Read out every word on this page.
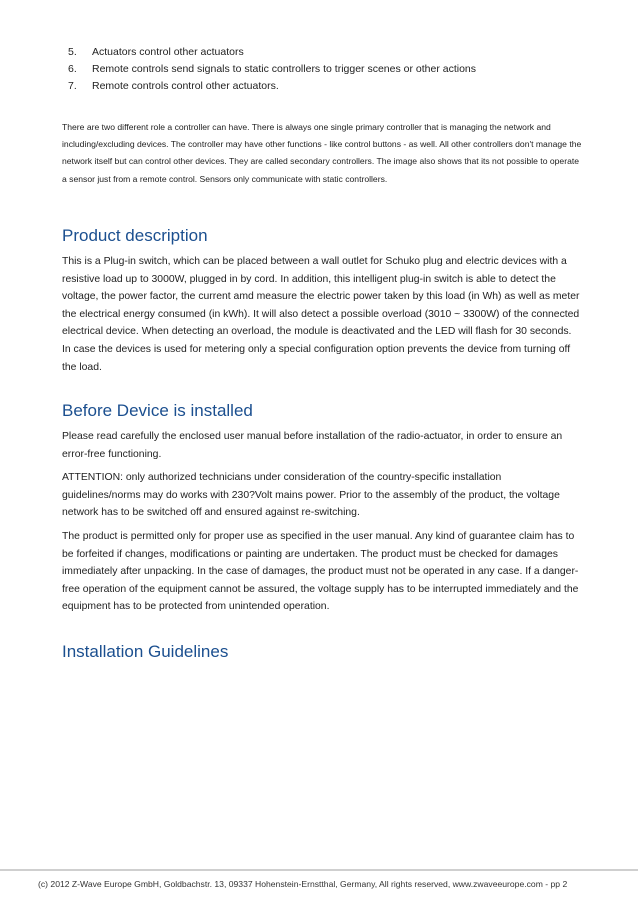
5. Actuators control other actuators
6. Remote controls send signals to static controllers to trigger scenes or other actions
7. Remote controls control other actuators.

There are two different role a controller can have. There is always one single primary controller that is managing the network and including/excluding devices. The controller may have other functions - like control buttons - as well. All other controllers don't manage the network itself but can control other devices. They are called secondary controllers. The image also shows that its not possible to operate a sensor just from a remote control. Sensors only communicate with static controllers.

Product description

This is a Plug-in switch, which can be placed between a wall outlet for Schuko plug and electric devices with a resistive load up to 3000W, plugged in by cord. In addition, this intelligent plug-in switch is able to detect the voltage, the power factor, the current amd measure the electric power taken by this load (in Wh) as well as meter the electrical energy consumed (in kWh). It will also detect a possible overload (3010 ~ 3300W) of the connected electrical device. When detecting an overload, the module is deactivated and the LED will flash for 30 seconds. In case the devices is used for metering only a special configuration option prevents the device from turning off the load.

Before Device is installed

Please read carefully the enclosed user manual before installation of the radio-actuator, in order to ensure an error-free functioning.

ATTENTION: only authorized technicians under consideration of the country-specific installation guidelines/norms may do works with 230?Volt mains power. Prior to the assembly of the product, the voltage network has to be switched off and ensured against re-switching.

The product is permitted only for proper use as specified in the user manual. Any kind of guarantee claim has to be forfeited if changes, modifications or painting are undertaken. The product must be checked for damages immediately after unpacking. In the case of damages, the product must not be operated in any case. If a danger-free operation of the equipment cannot be assured, the voltage supply has to be interrupted immediately and the equipment has to be protected from unintended operation.

Installation Guidelines
(c) 2012 Z-Wave Europe GmbH, Goldbachstr. 13, 09337 Hohenstein-Ernstthal, Germany, All rights reserved, www.zwaveeurope.com - pp 2
